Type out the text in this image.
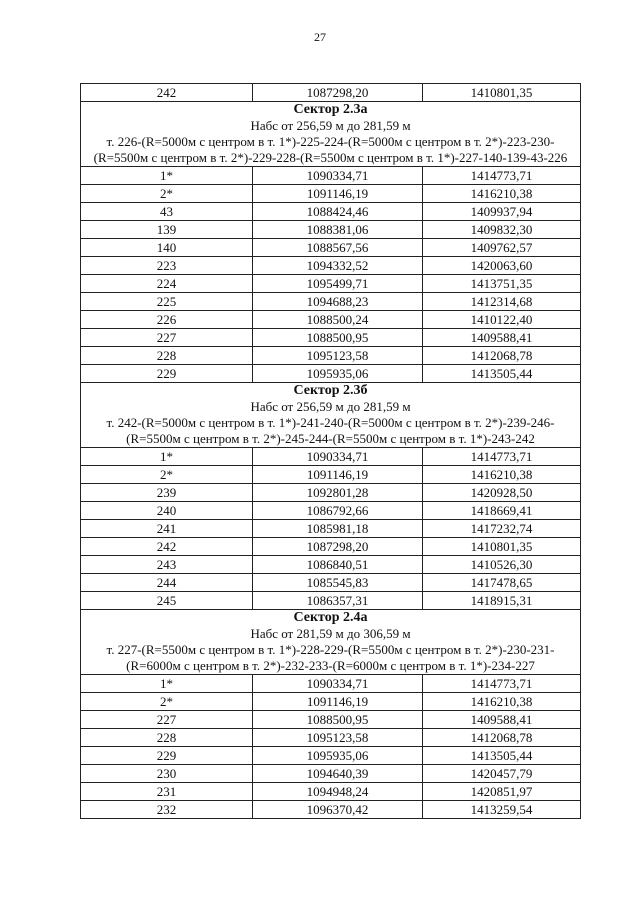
27
242	1087298,20	1410801,35

Сектор 2.3а
Набс от 256,59 м до 281,59 м
т. 226-(R=5000м с центром в т. 1*)-225-224-(R=5000м с центром в т. 2*)-223-230-(R=5500м с центром в т. 2*)-229-228-(R=5500м с центром в т. 1*)-227-140-139-43-226		

1*	1090334,71	1414773,71
2*	1091146,19	1416210,38
43	1088424,46	1409937,94
139	1088381,06	1409832,30
140	1088567,56	1409762,57
223	1094332,52	1420063,60
224	1095499,71	1413751,35
225	1094688,23	1412314,68
226	1088500,24	1410122,40
227	1088500,95	1409588,41
228	1095123,58	1412068,78
229	1095935,06	1413505,44

Сектор 2.3б
Набс от 256,59 м до 281,59 м
т. 242-(R=5000м с центром в т. 1*)-241-240-(R=5000м с центром в т. 2*)-239-246-(R=5500м с центром в т. 2*)-245-244-(R=5500м с центром в т. 1*)-243-242		

1*	1090334,71	1414773,71
2*	1091146,19	1416210,38
239	1092801,28	1420928,50
240	1086792,66	1418669,41
241	1085981,18	1417232,74
242	1087298,20	1410801,35
243	1086840,51	1410526,30
244	1085545,83	1417478,65
245	1086357,31	1418915,31

Сектор 2.4а
Набс от 281,59 м до 306,59 м
т. 227-(R=5500м с центром в т. 1*)-228-229-(R=5500м с центром в т. 2*)-230-231-(R=6000м с центром в т. 2*)-232-233-(R=6000м с центром в т. 1*)-234-227		

1*	1090334,71	1414773,71
2*	1091146,19	1416210,38
227	1088500,95	1409588,41
228	1095123,58	1412068,78
229	1095935,06	1413505,44
230	1094640,39	1420457,79
231	1094948,24	1420851,97
232	1096370,42	1413259,54
